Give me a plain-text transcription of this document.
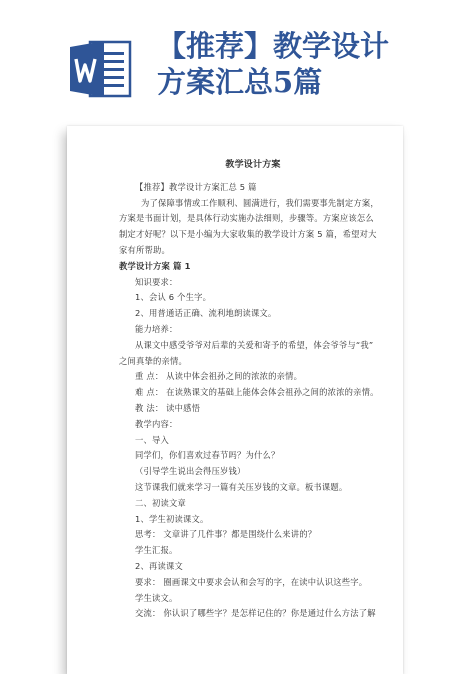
【推荐】教学设计
方案汇总5篇
教学设计方案
【推荐】教学设计方案汇总 5 篇
为了保障事情或工作顺利、圆满进行，我们需要事先制定方案，
方案是书面计划，是具体行动实施办法细则，步骤等。方案应该怎么
制定才好呢？以下是小编为大家收集的教学设计方案 5 篇，希望对大
家有所帮助。
教学设计方案 篇 1
知识要求：
1、会认 6 个生字。
2、用普通话正确、流利地朗读课文。
能力培养：
从课文中感受爷爷对后辈的关爱和寄予的希望，体会爷爷与“我”
之间真挚的亲情。
重 点： 从读中体会祖孙之间的浓浓的亲情。
难 点： 在读熟课文的基础上能体会体会祖孙之间的浓浓的亲情。
教 法： 读中感悟
教学内容：
一、导入
同学们，你们喜欢过春节吗？为什么？
（引导学生说出会得压岁钱）
这节课我们就来学习一篇有关压岁钱的文章。板书课题。
二、初读文章
1、学生初读课文。
思考： 文章讲了几件事？都是围绕什么来讲的？
学生汇报。
2、再读课文
要求： 圈画课文中要求会认和会写的字，在读中认识这些字。
学生读文。
交流： 你认识了哪些字？是怎样记住的？你是通过什么方法了解
